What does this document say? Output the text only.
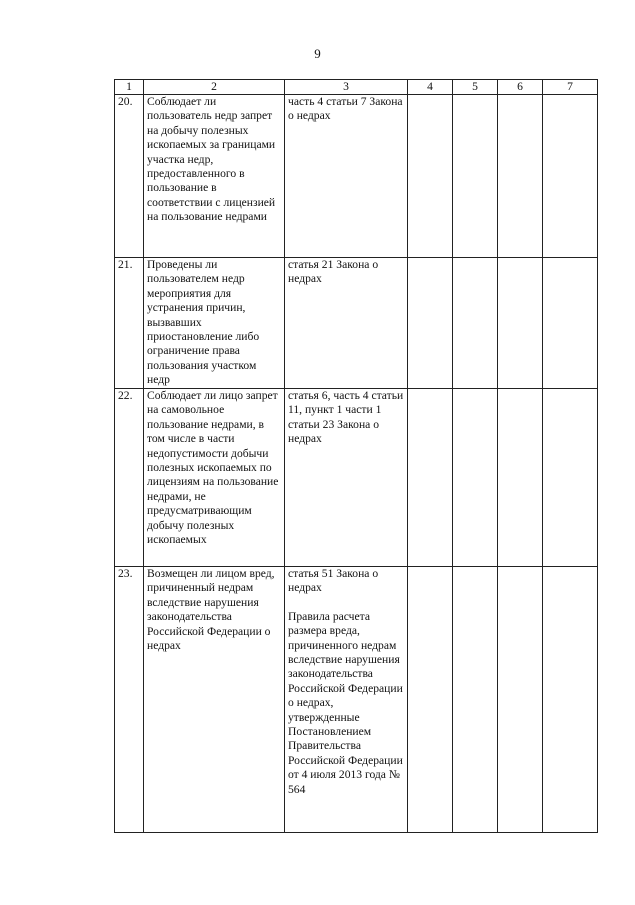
9
1	2	3	4	5	6	7
20.	Соблюдает ли пользователь недр запрет на добычу полезных ископаемых за границами участка недр, предоставленного в пользование в соответствии с лицензией на пользование недрами	часть 4 статьи 7 Закона о недрах				

21.	Проведены ли пользователем недр мероприятия для устранения причин, вызвавших приостановление либо ограничение права пользования участком недр	статья 21 Закона о недрах				

22.	Соблюдает ли лицо запрет на самовольное пользование недрами, в том числе в части недопустимости добычи полезных ископаемых по лицензиям на пользование недрами, не предусматривающим добычу полезных ископаемых	статья 6, часть 4 статьи 11, пункт 1 части 1 статьи 23 Закона о недрах				

23.	Возмещен ли лицом вред, причиненный недрам вследствие нарушения законодательства Российской Федерации о недрах	статья 51 Закона о недрах
Правила расчета размера вреда, причиненного недрам вследствие нарушения законодательства Российской Федерации о недрах, утвержденные Постановлением Правительства Российской Федерации от 4 июля 2013 года № 564				
